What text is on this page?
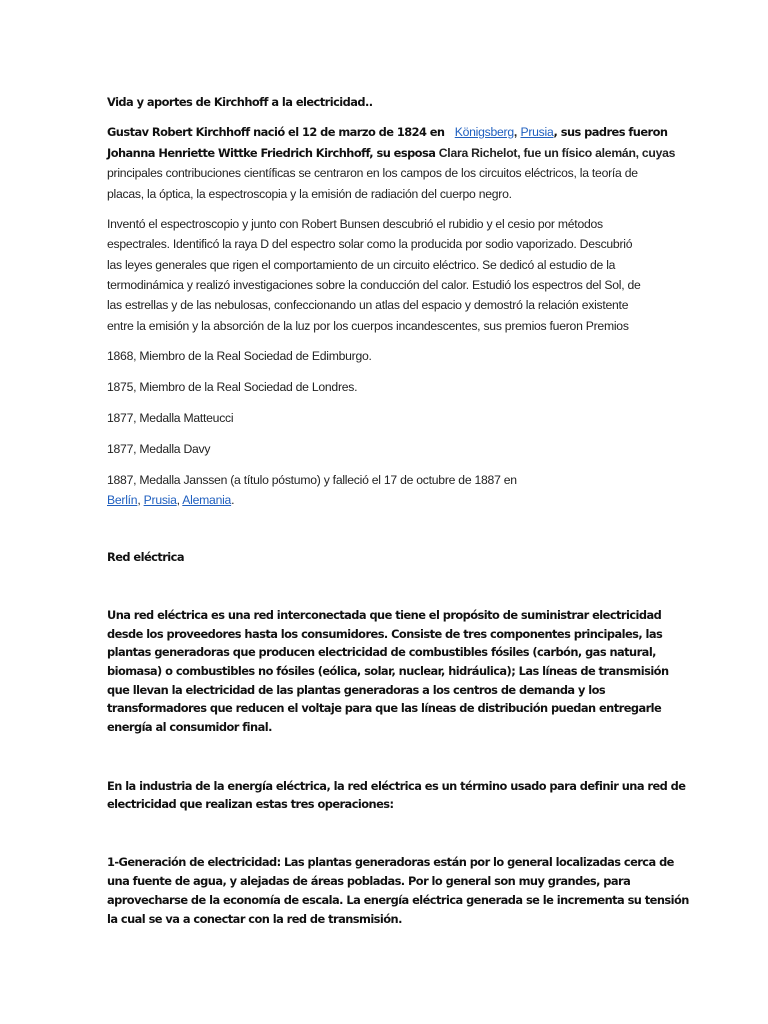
Vida y aportes de Kirchhoff a la electricidad..

Gustav Robert Kirchhoff nació el 12 de marzo de 1824 en Königsberg, Prusia, sus padres fueron

Johanna Henriette Wittke Friedrich Kirchhoff, su esposa Clara Richelot, fue un físico alemán, cuyas

principales contribuciones científicas se centraron en los campos de los circuitos eléctricos, la teoría de

placas, la óptica, la espectroscopia y la emisión de radiación del cuerpo negro.

Inventó el espectroscopio y junto con Robert Bunsen descubrió el rubidio y el cesio por métodos

espectrales. Identificó la raya D del espectro solar como la producida por sodio vaporizado. Descubrió

las leyes generales que rigen el comportamiento de un circuito eléctrico. Se dedicó al estudio de la

termodinámica y realizó investigaciones sobre la conducción del calor. Estudió los espectros del Sol, de

las estrellas y de las nebulosas, confeccionando un atlas del espacio y demostró la relación existente

entre la emisión y la absorción de la luz por los cuerpos incandescentes, sus premios fueron Premios

1868, Miembro de la Real Sociedad de Edimburgo.

1875, Miembro de la Real Sociedad de Londres.

1877, Medalla Matteucci

1877, Medalla Davy

1887, Medalla Janssen (a título póstumo) y falleció el 17 de octubre de 1887 en

Berlín, Prusia, Alemania.

Red eléctrica

Una red eléctrica es una red interconectada que tiene el propósito de suministrar electricidad

desde los proveedores hasta los consumidores. Consiste de tres componentes principales, las

plantas generadoras que producen electricidad de combustibles fósiles (carbón, gas natural,

biomasa) o combustibles no fósiles (eólica, solar, nuclear, hidráulica); Las líneas de transmisión

que llevan la electricidad de las plantas generadoras a los centros de demanda y los

transformadores que reducen el voltaje para que las líneas de distribución puedan entregarle

energía al consumidor final.

En la industria de la energía eléctrica, la red eléctrica es un término usado para definir una red de

electricidad que realizan estas tres operaciones:

1-Generación de electricidad: Las plantas generadoras están por lo general localizadas cerca de

una fuente de agua, y alejadas de áreas pobladas. Por lo general son muy grandes, para

aprovecharse de la economía de escala. La energía eléctrica generada se le incrementa su tensión

la cual se va a conectar con la red de transmisión.
